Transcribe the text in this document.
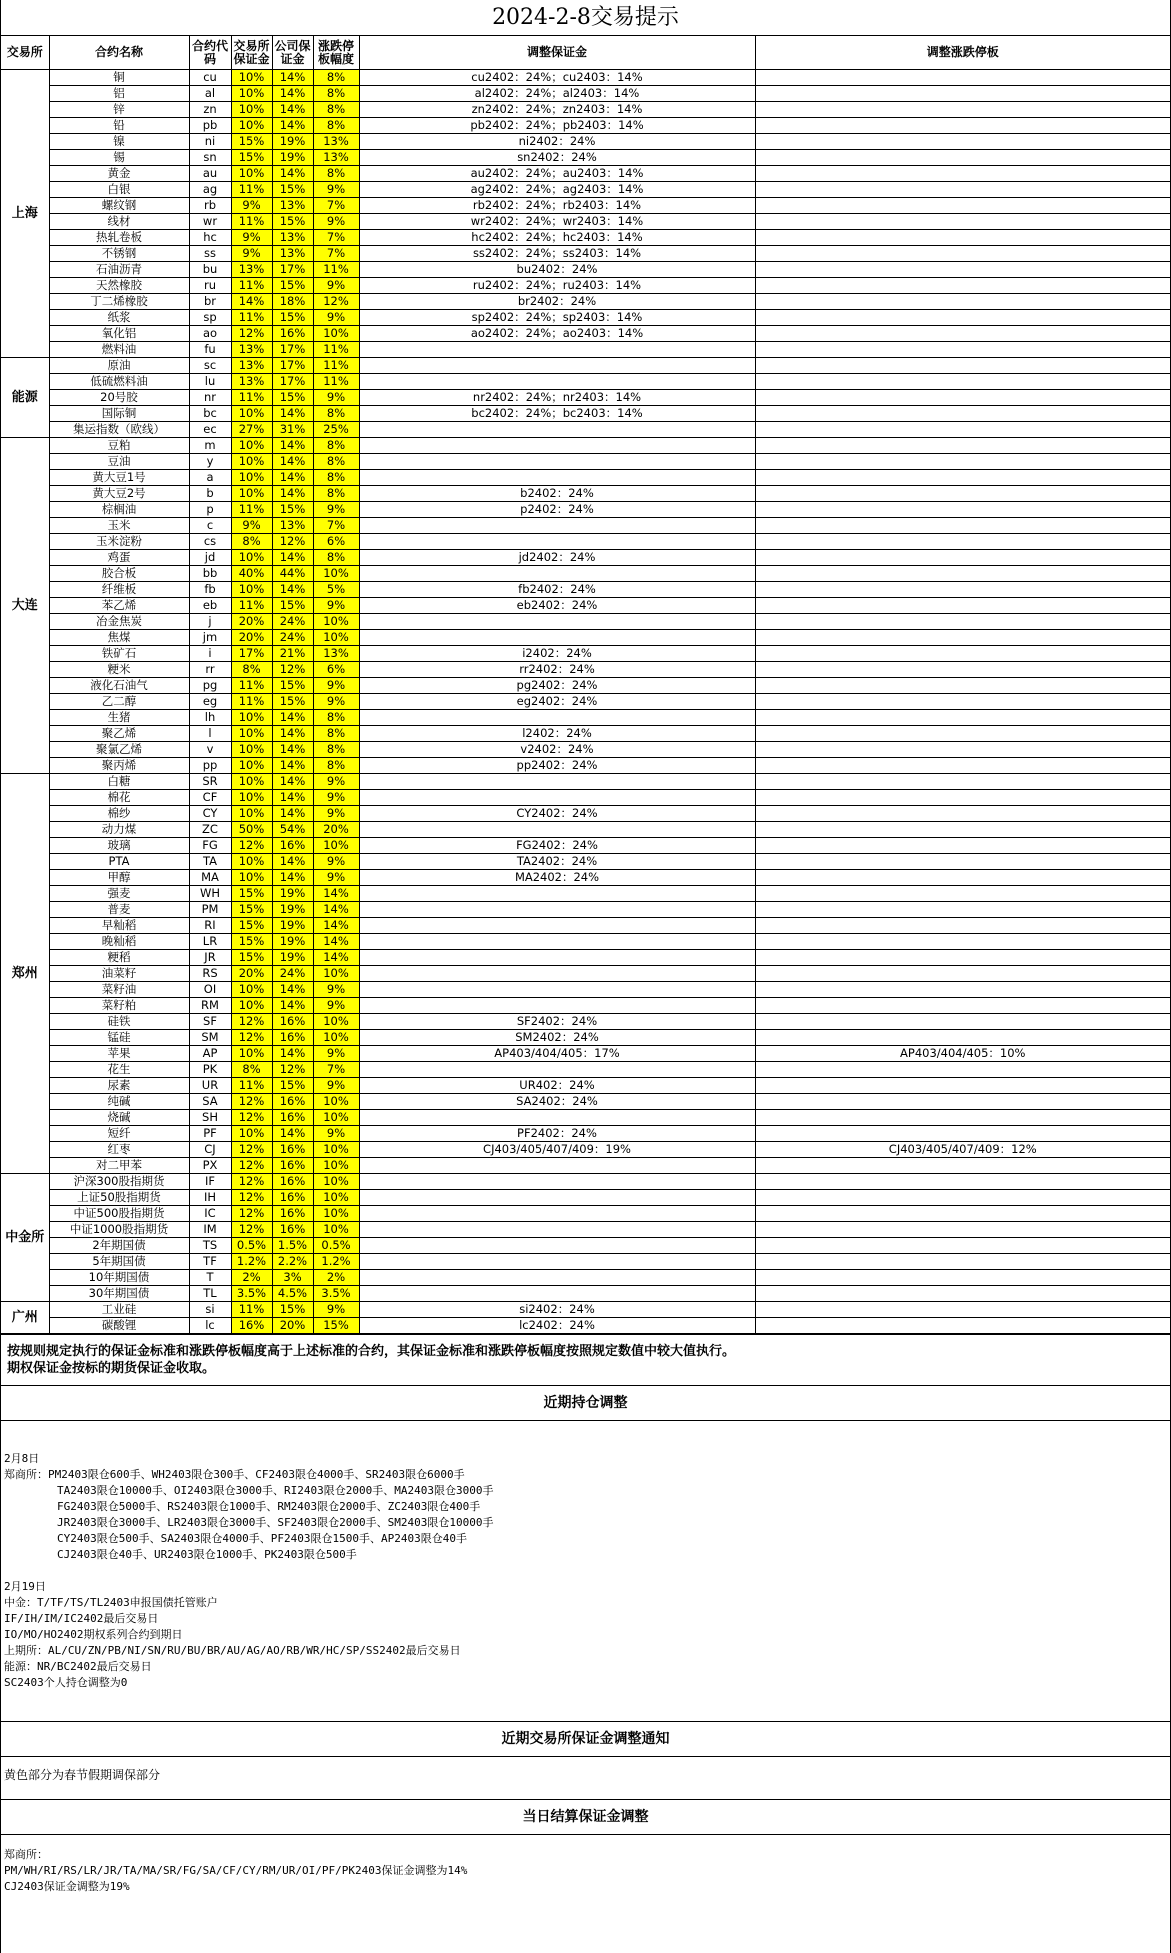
2024-2-8交易提示
交易所	合约名称	合约代码	交易所保证金	公司保证金	涨跌停板幅度	调整保证金	调整涨跌停板
上海	铜	cu	10%	14%	8%	cu2402：24%；cu2403：14%	
	铝	al	10%	14%	8%	al2402：24%；al2403：14%	
	锌	zn	10%	14%	8%	zn2402：24%；zn2403：14%	
	铅	pb	10%	14%	8%	pb2402：24%；pb2403：14%	
	镍	ni	15%	19%	13%	ni2402：24%	
	锡	sn	15%	19%	13%	sn2402：24%	
	黄金	au	10%	14%	8%	au2402：24%；au2403：14%	
	白银	ag	11%	15%	9%	ag2402：24%；ag2403：14%	
	螺纹钢	rb	9%	13%	7%	rb2402：24%；rb2403：14%	
	线材	wr	11%	15%	9%	wr2402：24%；wr2403：14%	
	热轧卷板	hc	9%	13%	7%	hc2402：24%；hc2403：14%	
	不锈钢	ss	9%	13%	7%	ss2402：24%；ss2403：14%	
	石油沥青	bu	13%	17%	11%	bu2402：24%	
	天然橡胶	ru	11%	15%	9%	ru2402：24%；ru2403：14%	
	丁二烯橡胶	br	14%	18%	12%	br2402：24%	
	纸浆	sp	11%	15%	9%	sp2402：24%；sp2403：14%	
	氧化铝	ao	12%	16%	10%	ao2402：24%；ao2403：14%	
	燃料油	fu	13%	17%	11%		
能源	原油	sc	13%	17%	11%		
	低硫燃料油	lu	13%	17%	11%		
	20号胶	nr	11%	15%	9%	nr2402：24%；nr2403：14%	
	国际铜	bc	10%	14%	8%	bc2402：24%；bc2403：14%	
	集运指数（欧线）	ec	27%	31%	25%		
大连	豆粕	m	10%	14%	8%		
	豆油	y	10%	14%	8%		
	黄大豆1号	a	10%	14%	8%		
	黄大豆2号	b	10%	14%	8%	b2402：24%	
	棕榈油	p	11%	15%	9%	p2402：24%	
	玉米	c	9%	13%	7%		
	玉米淀粉	cs	8%	12%	6%		
	鸡蛋	jd	10%	14%	8%	jd2402：24%	
	胶合板	bb	40%	44%	10%		
	纤维板	fb	10%	14%	5%	fb2402：24%	
	苯乙烯	eb	11%	15%	9%	eb2402：24%	
	冶金焦炭	j	20%	24%	10%		
	焦煤	jm	20%	24%	10%		
	铁矿石	i	17%	21%	13%	i2402：24%	
	粳米	rr	8%	12%	6%	rr2402：24%	
	液化石油气	pg	11%	15%	9%	pg2402：24%	
	乙二醇	eg	11%	15%	9%	eg2402：24%	
	生猪	lh	10%	14%	8%		
	聚乙烯	l	10%	14%	8%	l2402：24%	
	聚氯乙烯	v	10%	14%	8%	v2402：24%	
	聚丙烯	pp	10%	14%	8%	pp2402：24%	
郑州	白糖	SR	10%	14%	9%		
	棉花	CF	10%	14%	9%		
	棉纱	CY	10%	14%	9%	CY2402：24%	
	动力煤	ZC	50%	54%	20%		
	玻璃	FG	12%	16%	10%	FG2402：24%	
	PTA	TA	10%	14%	9%	TA2402：24%	
	甲醇	MA	10%	14%	9%	MA2402：24%	
	强麦	WH	15%	19%	14%		
	普麦	PM	15%	19%	14%		
	早籼稻	RI	15%	19%	14%		
	晚籼稻	LR	15%	19%	14%		
	粳稻	JR	15%	19%	14%		
	油菜籽	RS	20%	24%	10%		
	菜籽油	OI	10%	14%	9%		
	菜籽粕	RM	10%	14%	9%		
	硅铁	SF	12%	16%	10%	SF2402：24%	
	锰硅	SM	12%	16%	10%	SM2402：24%	
	苹果	AP	10%	14%	9%	AP403/404/405：17%	AP403/404/405：10%
	花生	PK	8%	12%	7%		
	尿素	UR	11%	15%	9%	UR402：24%	
	纯碱	SA	12%	16%	10%	SA2402：24%	
	烧碱	SH	12%	16%	10%		
	短纤	PF	10%	14%	9%	PF2402：24%	
	红枣	CJ	12%	16%	10%	CJ403/405/407/409：19%	CJ403/405/407/409：12%
	对二甲苯	PX	12%	16%	10%		
中金所	沪深300股指期货	IF	12%	16%	10%		
	上证50股指期货	IH	12%	16%	10%		
	中证500股指期货	IC	12%	16%	10%		
	中证1000股指期货	IM	12%	16%	10%		
	2年期国债	TS	0.5%	1.5%	0.5%		
	5年期国债	TF	1.2%	2.2%	1.2%		
	10年期国债	T	2%	3%	2%		
	30年期国债	TL	3.5%	4.5%	3.5%		
广州	工业硅	si	11%	15%	9%	si2402：24%	
	碳酸锂	lc	16%	20%	15%	lc2402：24%	
按规则规定执行的保证金标准和涨跌停板幅度高于上述标准的合约，其保证金标准和涨跌停板幅度按照规定数值中较大值执行。
期权保证金按标的期货保证金收取。
近期持仓调整
2月8日
郑商所：PM2403限仓600手、WH2403限仓300手、CF2403限仓4000手、SR2403限仓6000手
TA2403限仓10000手、OI2403限仓3000手、RI2403限仓2000手、MA2403限仓3000手
FG2403限仓5000手、RS2403限仓1000手、RM2403限仓2000手、ZC2403限仓400手
JR2403限仓3000手、LR2403限仓3000手、SF2403限仓2000手、SM2403限仓10000手
CY2403限仓500手、SA2403限仓4000手、PF2403限仓1500手、AP2403限仓40手
CJ2403限仓40手、UR2403限仓1000手、PK2403限仓500手
2月19日
中金：T/TF/TS/TL2403申报国债托管账户
IF/IH/IM/IC2402最后交易日
IO/MO/HO2402期权系列合约到期日
上期所：AL/CU/ZN/PB/NI/SN/RU/BU/BR/AU/AG/AO/RB/WR/HC/SP/SS2402最后交易日
能源：NR/BC2402最后交易日
SC2403个人持仓调整为0
近期交易所保证金调整通知
黄色部分为春节假期调保部分
当日结算保证金调整
郑商所：
PM/WH/RI/RS/LR/JR/TA/MA/SR/FG/SA/CF/CY/RM/UR/OI/PF/PK2403保证金调整为14%
CJ2403保证金调整为19%
